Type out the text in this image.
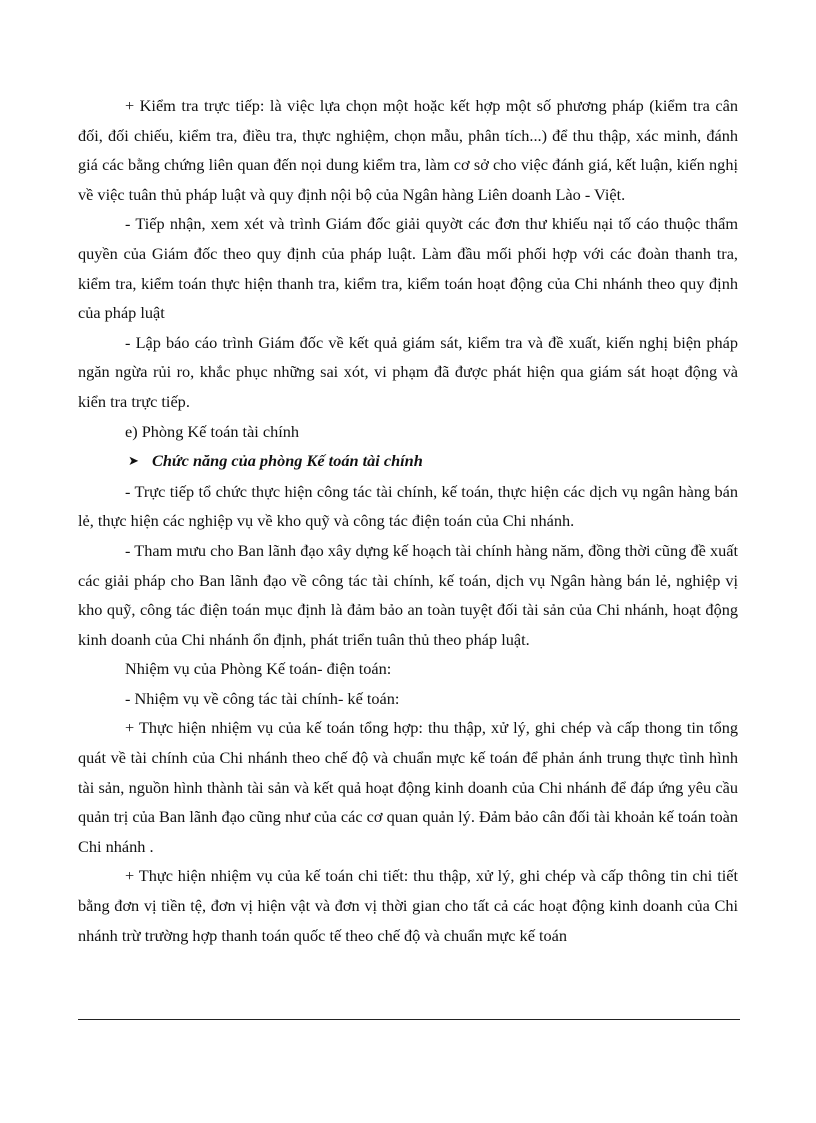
+ Kiểm tra trực tiếp: là việc lựa chọn một hoặc kết hợp một số phương pháp (kiểm tra cân đối, đối chiếu, kiểm tra, điều tra, thực nghiệm, chọn mẫu, phân tích...) để thu thập, xác minh, đánh giá các bằng chứng liên quan đến nọi dung kiểm tra, làm cơ sở cho việc đánh giá, kết luận, kiến nghị về việc tuân thủ pháp luật và quy định nội bộ của Ngân hàng Liên doanh Lào - Việt.

- Tiếp nhận, xem xét và trình Giám đốc giải quyờt các đơn thư khiếu nại tố cáo thuộc thẩm quyền của Giám đốc theo quy định của pháp luật. Làm đầu mối phối hợp với các đoàn thanh tra, kiểm tra, kiểm toán thực hiện thanh tra, kiểm tra, kiểm toán hoạt động của Chi nhánh theo quy định của pháp luật

- Lập báo cáo trình Giám đốc về kết quả giám sát, kiểm tra và đề xuất, kiến nghị biện pháp ngăn ngừa rủi ro, khắc phục những sai xót, vi phạm đã được phát hiện qua giám sát hoạt động và kiển tra trực tiếp.

e) Phòng Kế toán tài chính

➤ Chức năng của phòng Kế toán tài chính

- Trực tiếp tổ chức thực hiện công tác tài chính, kế toán, thực hiện các dịch vụ ngân hàng bán lẻ, thực hiện các nghiệp vụ về kho quỹ và công tác điện toán của Chi nhánh.

- Tham mưu cho Ban lãnh đạo xây dựng kế hoạch tài chính hàng năm, đồng thời cũng đề xuất các giải pháp cho Ban lãnh đạo về công tác tài chính, kế toán, dịch vụ Ngân hàng bán lẻ, nghiệp vị kho quỹ, công tác điện toán mục định là đảm bảo an toàn tuyệt đối tài sản của Chi nhánh, hoạt động kinh doanh của Chi nhánh ổn định, phát triển tuân thủ theo pháp luật.

Nhiệm vụ của Phòng Kế toán- điện toán:

- Nhiệm vụ về công tác tài chính- kế toán:

+ Thực hiện nhiệm vụ của kế toán tổng hợp: thu thập, xử lý, ghi chép và cấp thong tin tổng quát về tài chính của Chi nhánh theo chế độ và chuẩn mực kế toán để phản ánh trung thực tình hình tài sản, nguồn hình thành tài sản và kết quả hoạt động kinh doanh của Chi nhánh để đáp ứng yêu cầu quản trị của Ban lãnh đạo cũng như của các cơ quan quản lý. Đảm bảo cân đối tài khoản kế toán toàn Chi nhánh .

+ Thực hiện nhiệm vụ của kế toán chi tiết: thu thập, xử lý, ghi chép và cấp thông tin chi tiết bằng đơn vị tiền tệ, đơn vị hiện vật và đơn vị thời gian cho tất cả các hoạt động kinh doanh của Chi nhánh trừ trường hợp thanh toán quốc tế theo chế độ và chuẩn mực kế toán
